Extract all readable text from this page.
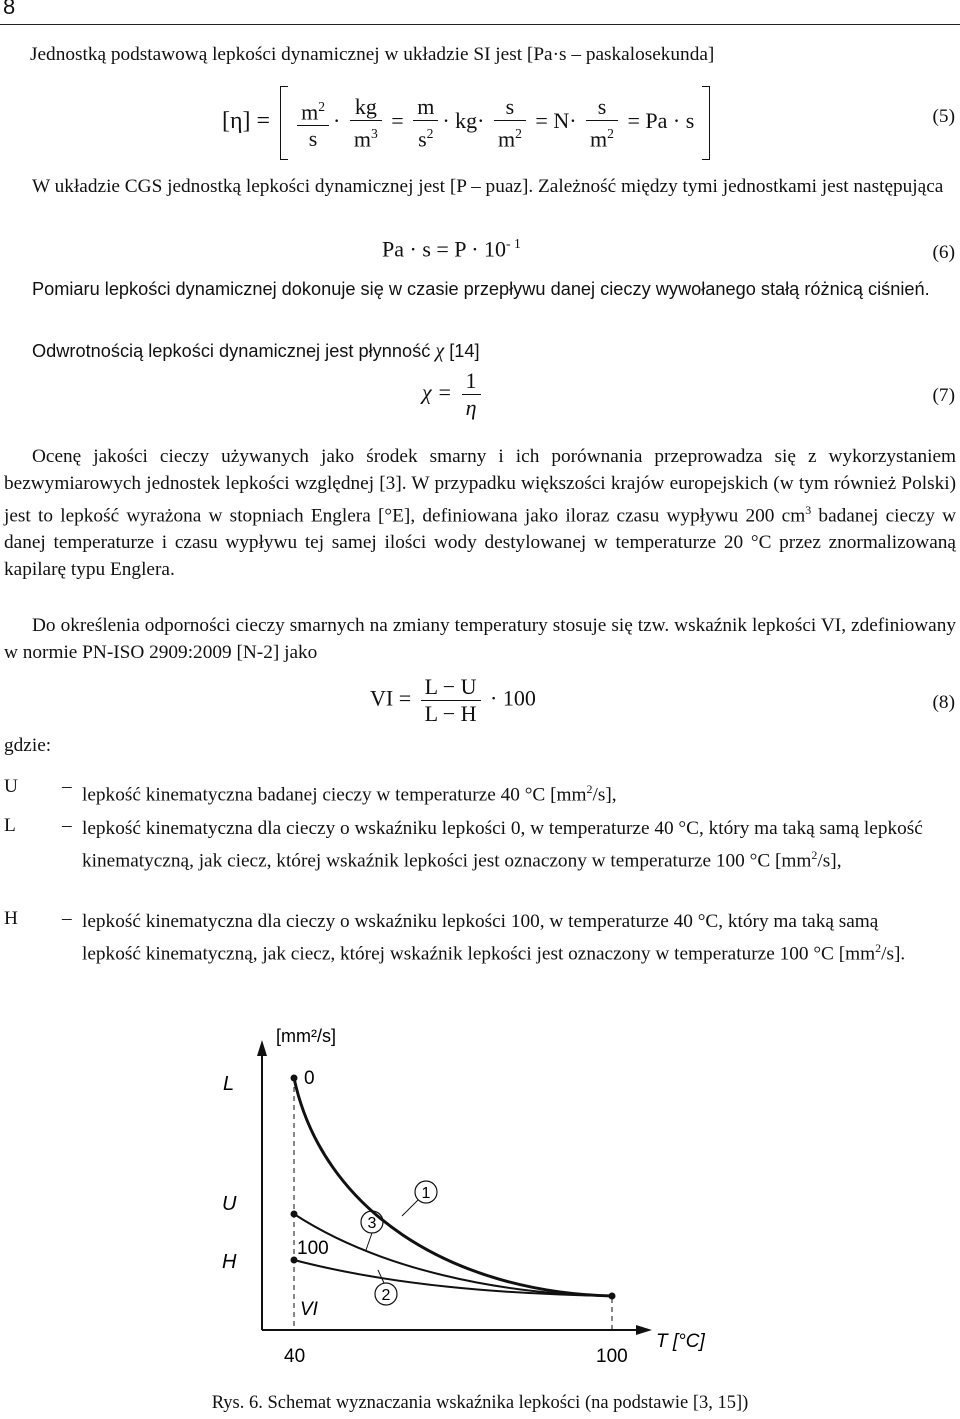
8

Jednostką podstawową lepkości dynamicznej w układzie SI jest [Pa·s – paskalosekunda]

$[\eta] = \frac{m^2}{s} \cdot \frac{kg}{m^3} = \frac{m}{s^2} \cdot kg\cdot \frac{s}{m^2} = N\cdot \frac{s}{m^2} = Pa \cdot s$	(5)

W układzie CGS jednostką lepkości dynamicznej jest [P – puaz]. Zależność między tymi jednostkami jest następująca

$Pa \cdot s = P \cdot 10^{- 1}$	(6)

Pomiaru lepkości dynamicznej dokonuje się w czasie przepływu danej cieczy wywołanego stałą różnicą ciśnień.

Odwrotnością lepkości dynamicznej jest płynność χ [14]

$\chi = \frac{1}{\eta}$	(7)

Ocenę jakości cieczy używanych jako środek smarny i ich porównania przeprowadza się z wykorzystaniem bezwymiarowych jednostek lepkości względnej [3]. W przypadku większości krajów europejskich (w tym również Polski) jest to lepkość wyrażona w stopniach Englera [°E], definiowana jako iloraz czasu wypływu 200 $cm^3$ badanej cieczy w danej temperaturze i czasu wypływu tej samej ilości wody destylowanej w temperaturze 20 °C przez znormalizowaną kapilarę typu Englera.

Do określenia odporności cieczy smarnych na zmiany temperatury stosuje się tzw. wskaźnik lepkości VI, zdefiniowany w normie PN-ISO 2909:2009 [N-2] jako

VI = $\frac{L - U}{L - H} \cdot 100$	(8)
gdzie:
U – lepkość kinematyczna badanej cieczy w temperaturze 40 °C $[mm^2/s]$,
L – lepkość kinematyczna dla cieczy o wskaźniku lepkości 0, w temperaturze 40 °C, który ma taką samą lepkość kinematyczną, jak ciecz, której wskaźnik lepkości jest oznaczony w temperaturze 100 °C $[mm^2/s]$,
H – lepkość kinematyczna dla cieczy o wskaźniku lepkości 100, w temperaturze 40 °C, który ma taką samą lepkość kinematyczną, jak ciecz, której wskaźnik lepkości jest oznaczony w temperaturze 100 °C $[mm^2/s]$.
[mm²/s]
T [°C]
L
U
H
0
100
VI
1
2
3
40	100
Rys. 6. Schemat wyznaczania wskaźnika lepkości (na podstawie [3, 15])
